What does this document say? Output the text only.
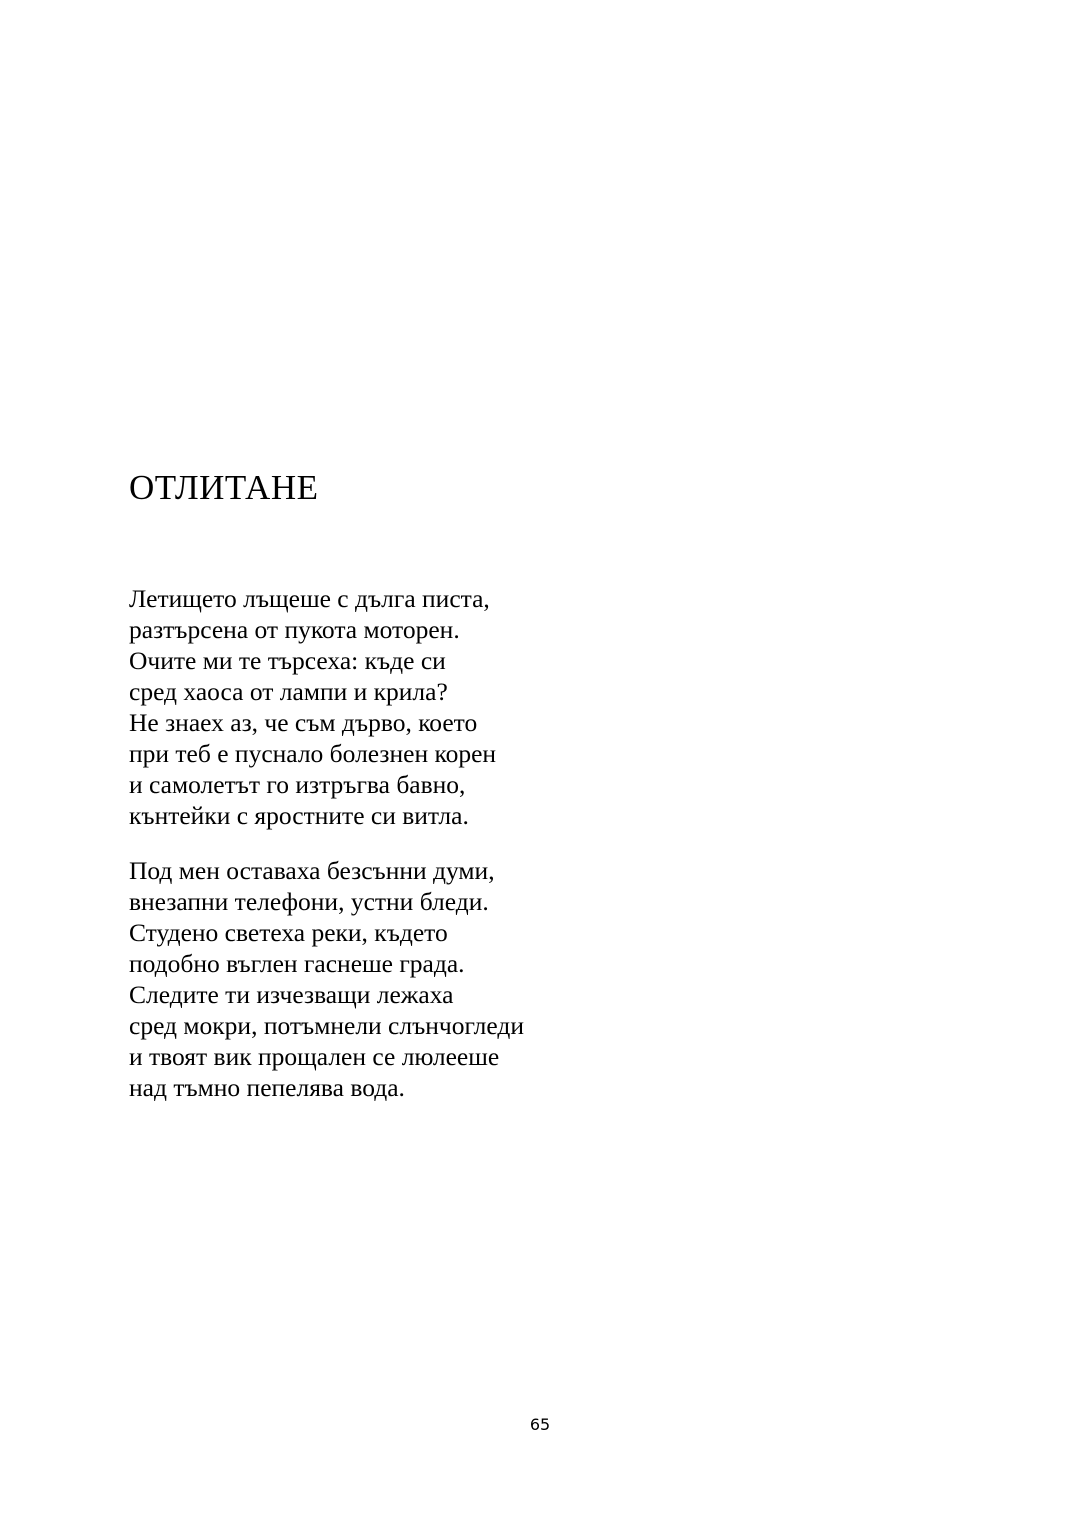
ОТЛИТАНЕ
Летището лъщеше с дълга писта,
разтърсена от пукота моторен.
Очите ми те търсеха: къде си
сред хаоса от лампи и крила?
Не знаех аз, че съм дърво, което
при теб е пуснало болезнен корен
и самолетът го изтръгва бавно,
кънтейки с яростните си витла.
Под мен оставаха безсънни думи,
внезапни телефони, устни бледи.
Студено светеха реки, където
подобно въглен гаснеше града.
Следите ти изчезващи лежаха
сред мокри, потъмнели слънчогледи
и твоят вик прощален се люлееше
над тъмно пепелява вода.
65
